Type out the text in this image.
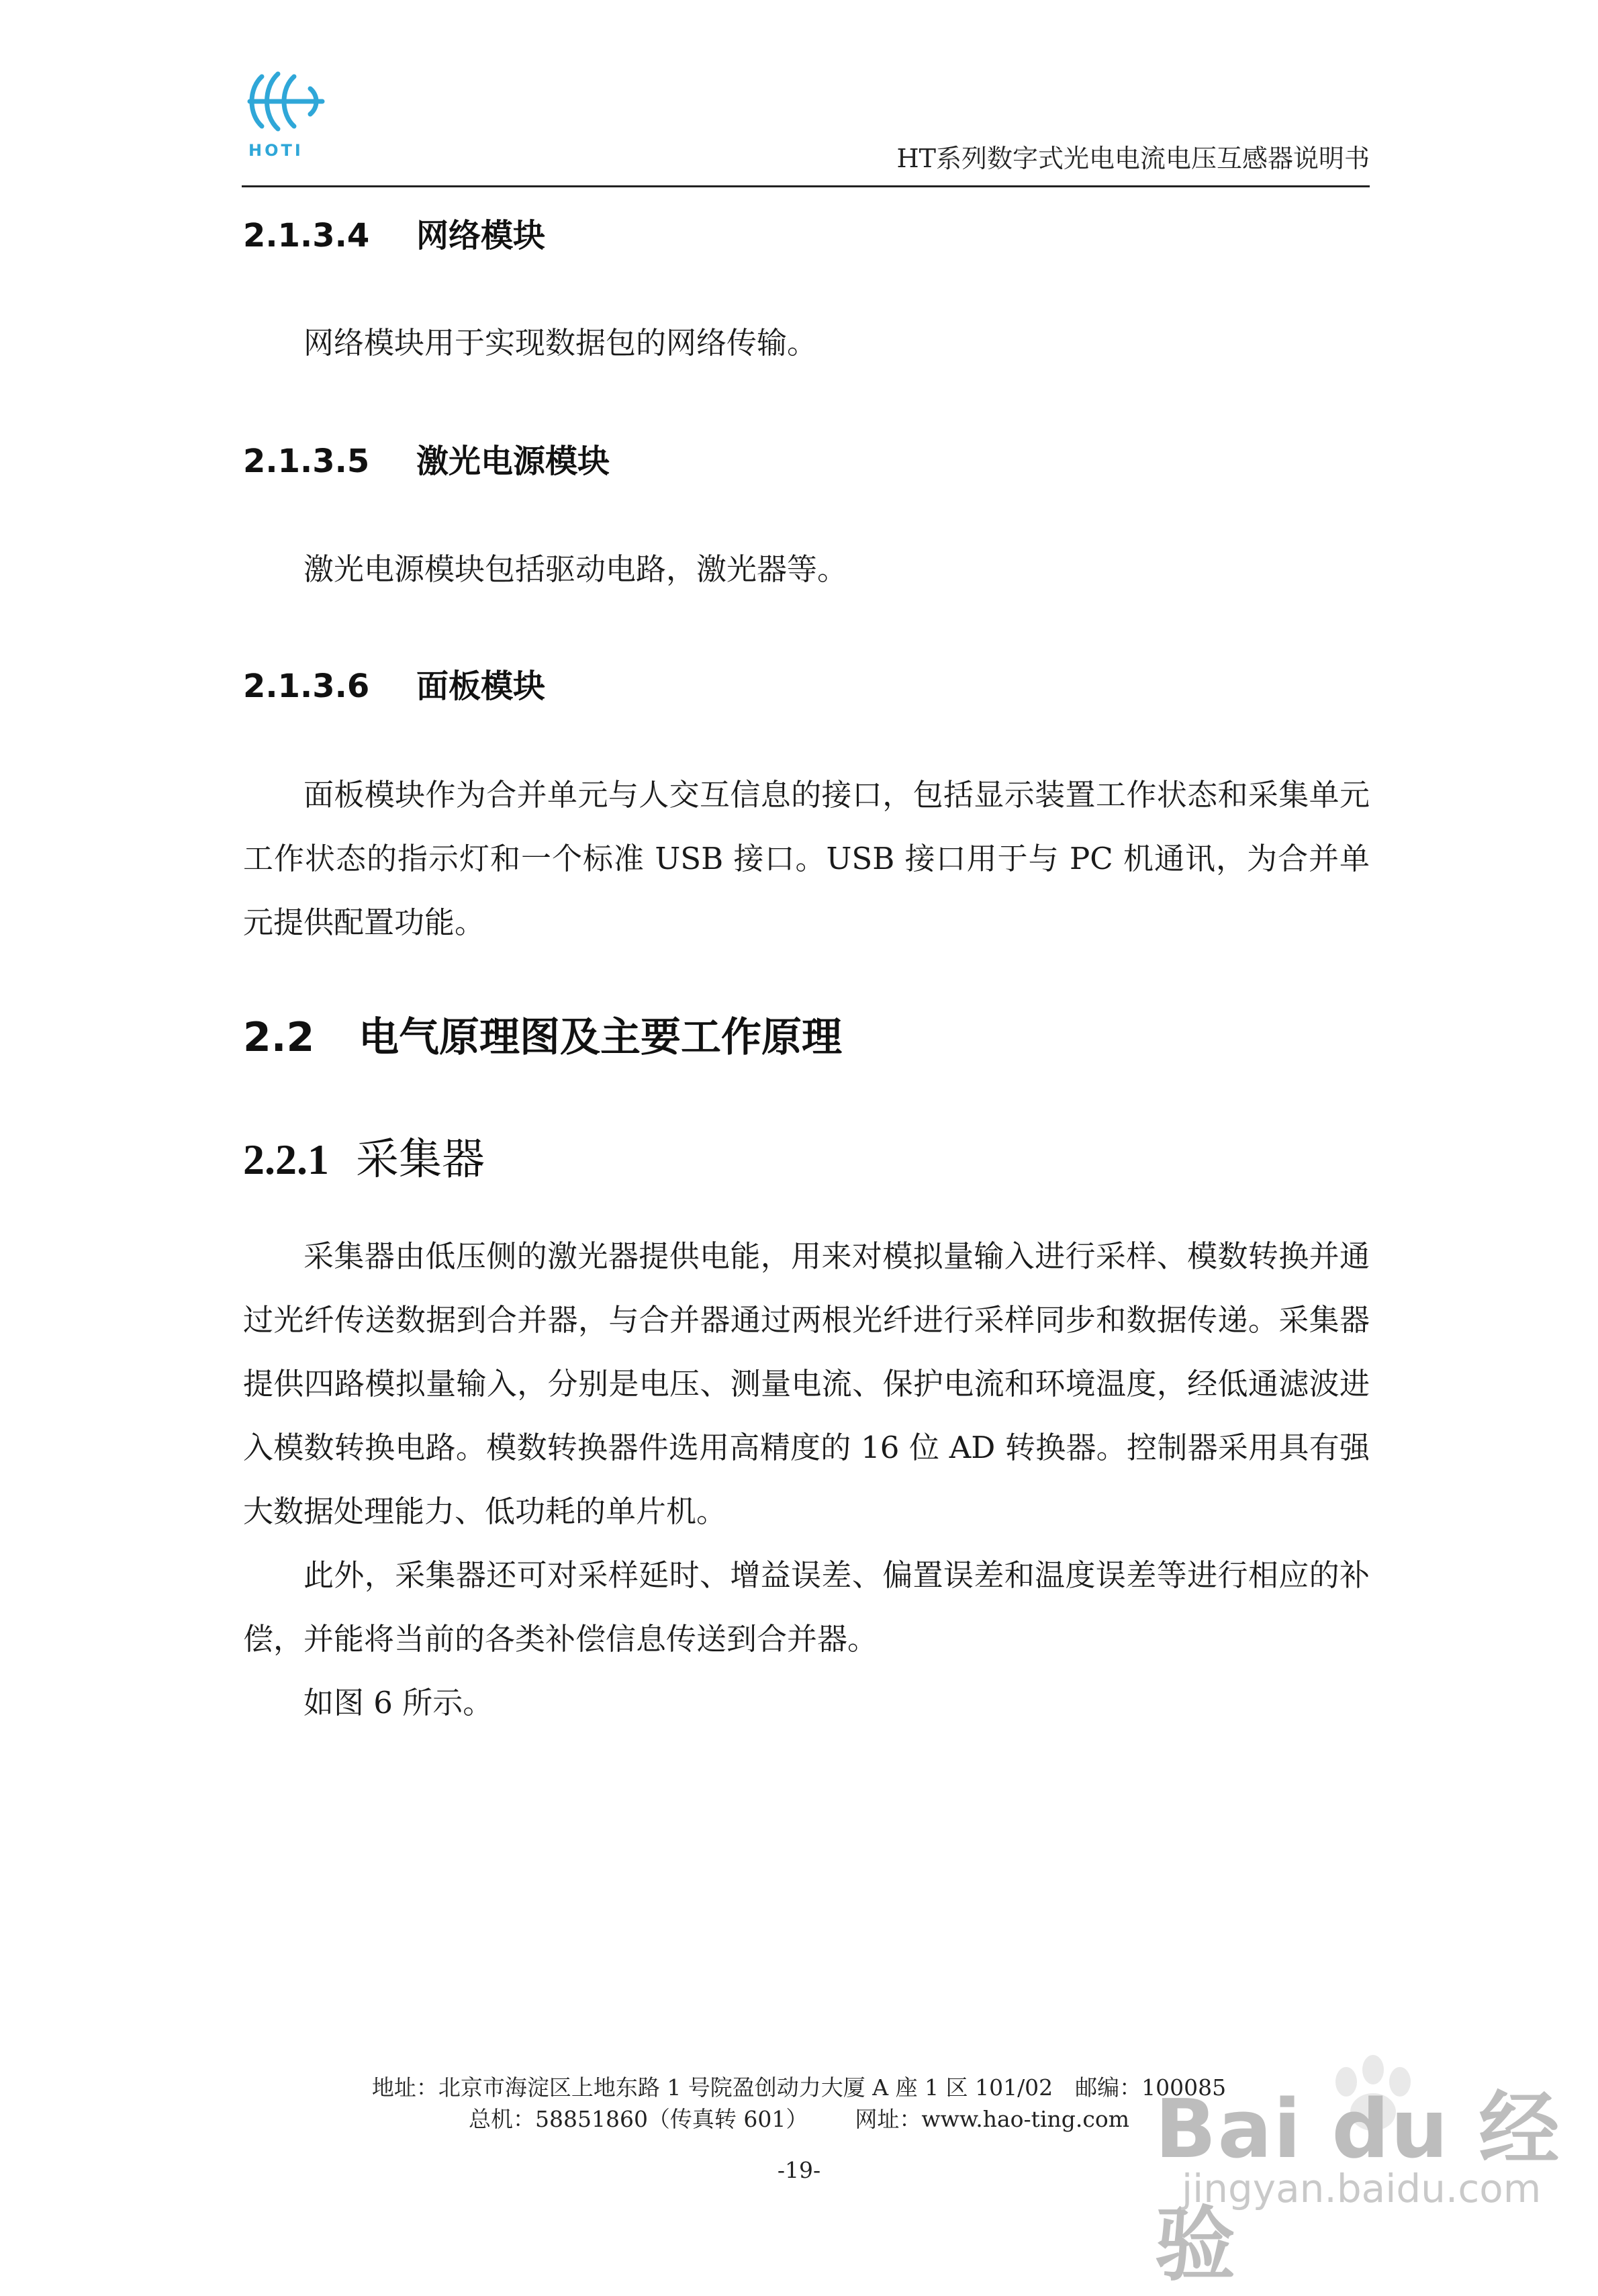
HOTI	HT系列数字式光电电流电压互感器说明书
2.1.3.4 网络模块

网络模块用于实现数据包的网络传输。

2.1.3.5 激光电源模块

激光电源模块包括驱动电路，激光器等。

2.1.3.6 面板模块

面板模块作为合并单元与人交互信息的接口，包括显示装置工作状态和采集单元工作状态的指示灯和一个标准 USB 接口。USB 接口用于与 PC 机通讯，为合并单元提供配置功能。

2.2 电气原理图及主要工作原理
2.2.1 采集器

采集器由低压侧的激光器提供电能，用来对模拟量输入进行采样、模数转换并通过光纤传送数据到合并器，与合并器通过两根光纤进行采样同步和数据传递。采集器提供四路模拟量输入，分别是电压、测量电流、保护电流和环境温度，经低通滤波进入模数转换电路。模数转换器件选用高精度的 16 位 AD 转换器。控制器采用具有强大数据处理能力、低功耗的单片机。

此外，采集器还可对采样延时、增益误差、偏置误差和温度误差等进行相应的补偿，并能将当前的各类补偿信息传送到合并器。

如图 6 所示。

地址：北京市海淀区上地东路 1 号院盈创动力大厦 A 座 1 区 101/02　邮编：100085
总机：58851860（传真转 601） 网址：www.hao-ting.com
-19-	Bai du 经验
jingyan.baidu.com
